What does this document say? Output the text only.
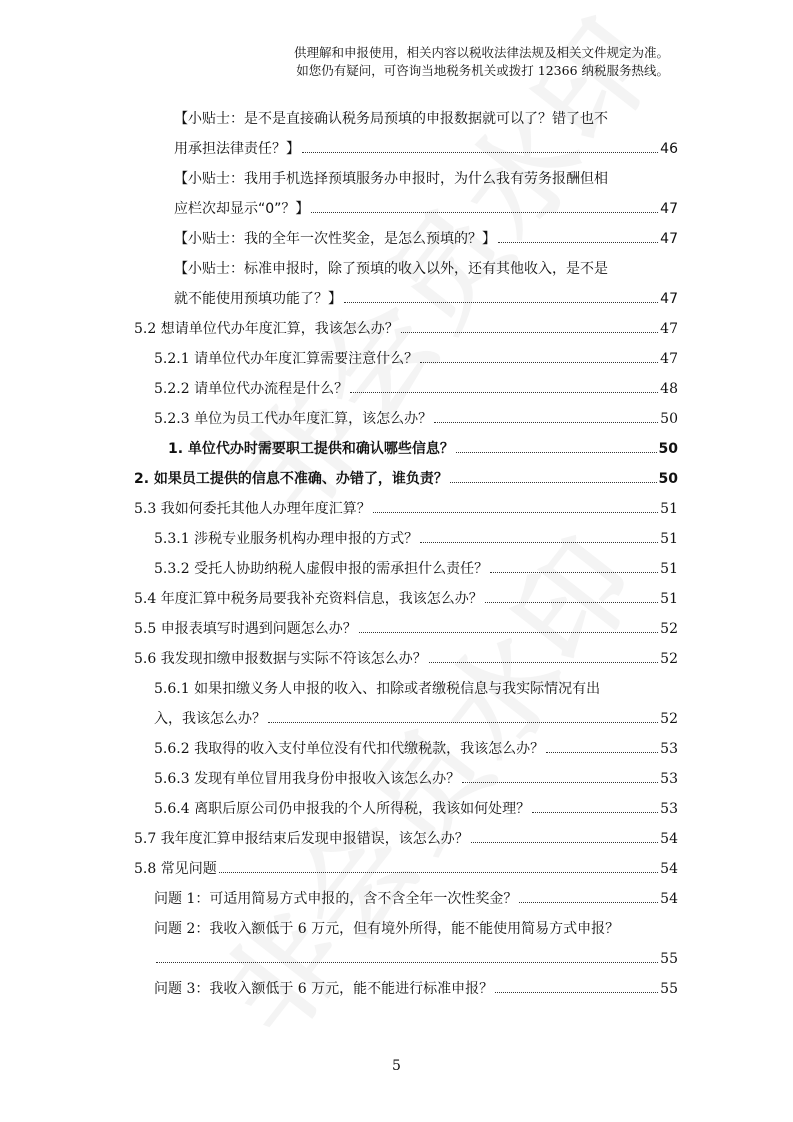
供理解和申报使用，相关内容以税收法律法规及相关文件规定为准。
如您仍有疑问，可咨询当地税务机关或拨打 12366 纳税服务热线。
【小贴士：是不是直接确认税务局预填的申报数据就可以了？错了也不
用承担法律责任？】	46
【小贴士：我用手机选择预填服务办申报时，为什么我有劳务报酬但相
应栏次却显示“0”？】	47
【小贴士：我的全年一次性奖金，是怎么预填的？】	47
【小贴士：标准申报时，除了预填的收入以外，还有其他收入，是不是
就不能使用预填功能了？】	47
5.2 想请单位代办年度汇算，我该怎么办？	47
5.2.1 请单位代办年度汇算需要注意什么？	47
5.2.2 请单位代办流程是什么？	48
5.2.3 单位为员工代办年度汇算，该怎么办？	50
1. 单位代办时需要职工提供和确认哪些信息？	50
2. 如果员工提供的信息不准确、办错了，谁负责？	50
5.3 我如何委托其他人办理年度汇算？	51
5.3.1 涉税专业服务机构办理申报的方式？	51
5.3.2 受托人协助纳税人虚假申报的需承担什么责任？	51
5.4 年度汇算中税务局要我补充资料信息，我该怎么办？	51
5.5 申报表填写时遇到问题怎么办？	52
5.6 我发现扣缴申报数据与实际不符该怎么办？	52
5.6.1 如果扣缴义务人申报的收入、扣除或者缴税信息与我实际情况有出
入，我该怎么办？	52
5.6.2 我取得的收入支付单位没有代扣代缴税款，我该怎么办？	53
5.6.3 发现有单位冒用我身份申报收入该怎么办？	53
5.6.4 离职后原公司仍申报我的个人所得税，我该如何处理？	53
5.7 我年度汇算申报结束后发现申报错误，该怎么办？	54
5.8 常见问题	54
问题 1：可适用简易方式申报的，含不含全年一次性奖金？	54
问题 2：我收入额低于 6 万元，但有境外所得，能不能使用简易方式申报？
55
问题 3：我收入额低于 6 万元，能不能进行标准申报？	55
5
